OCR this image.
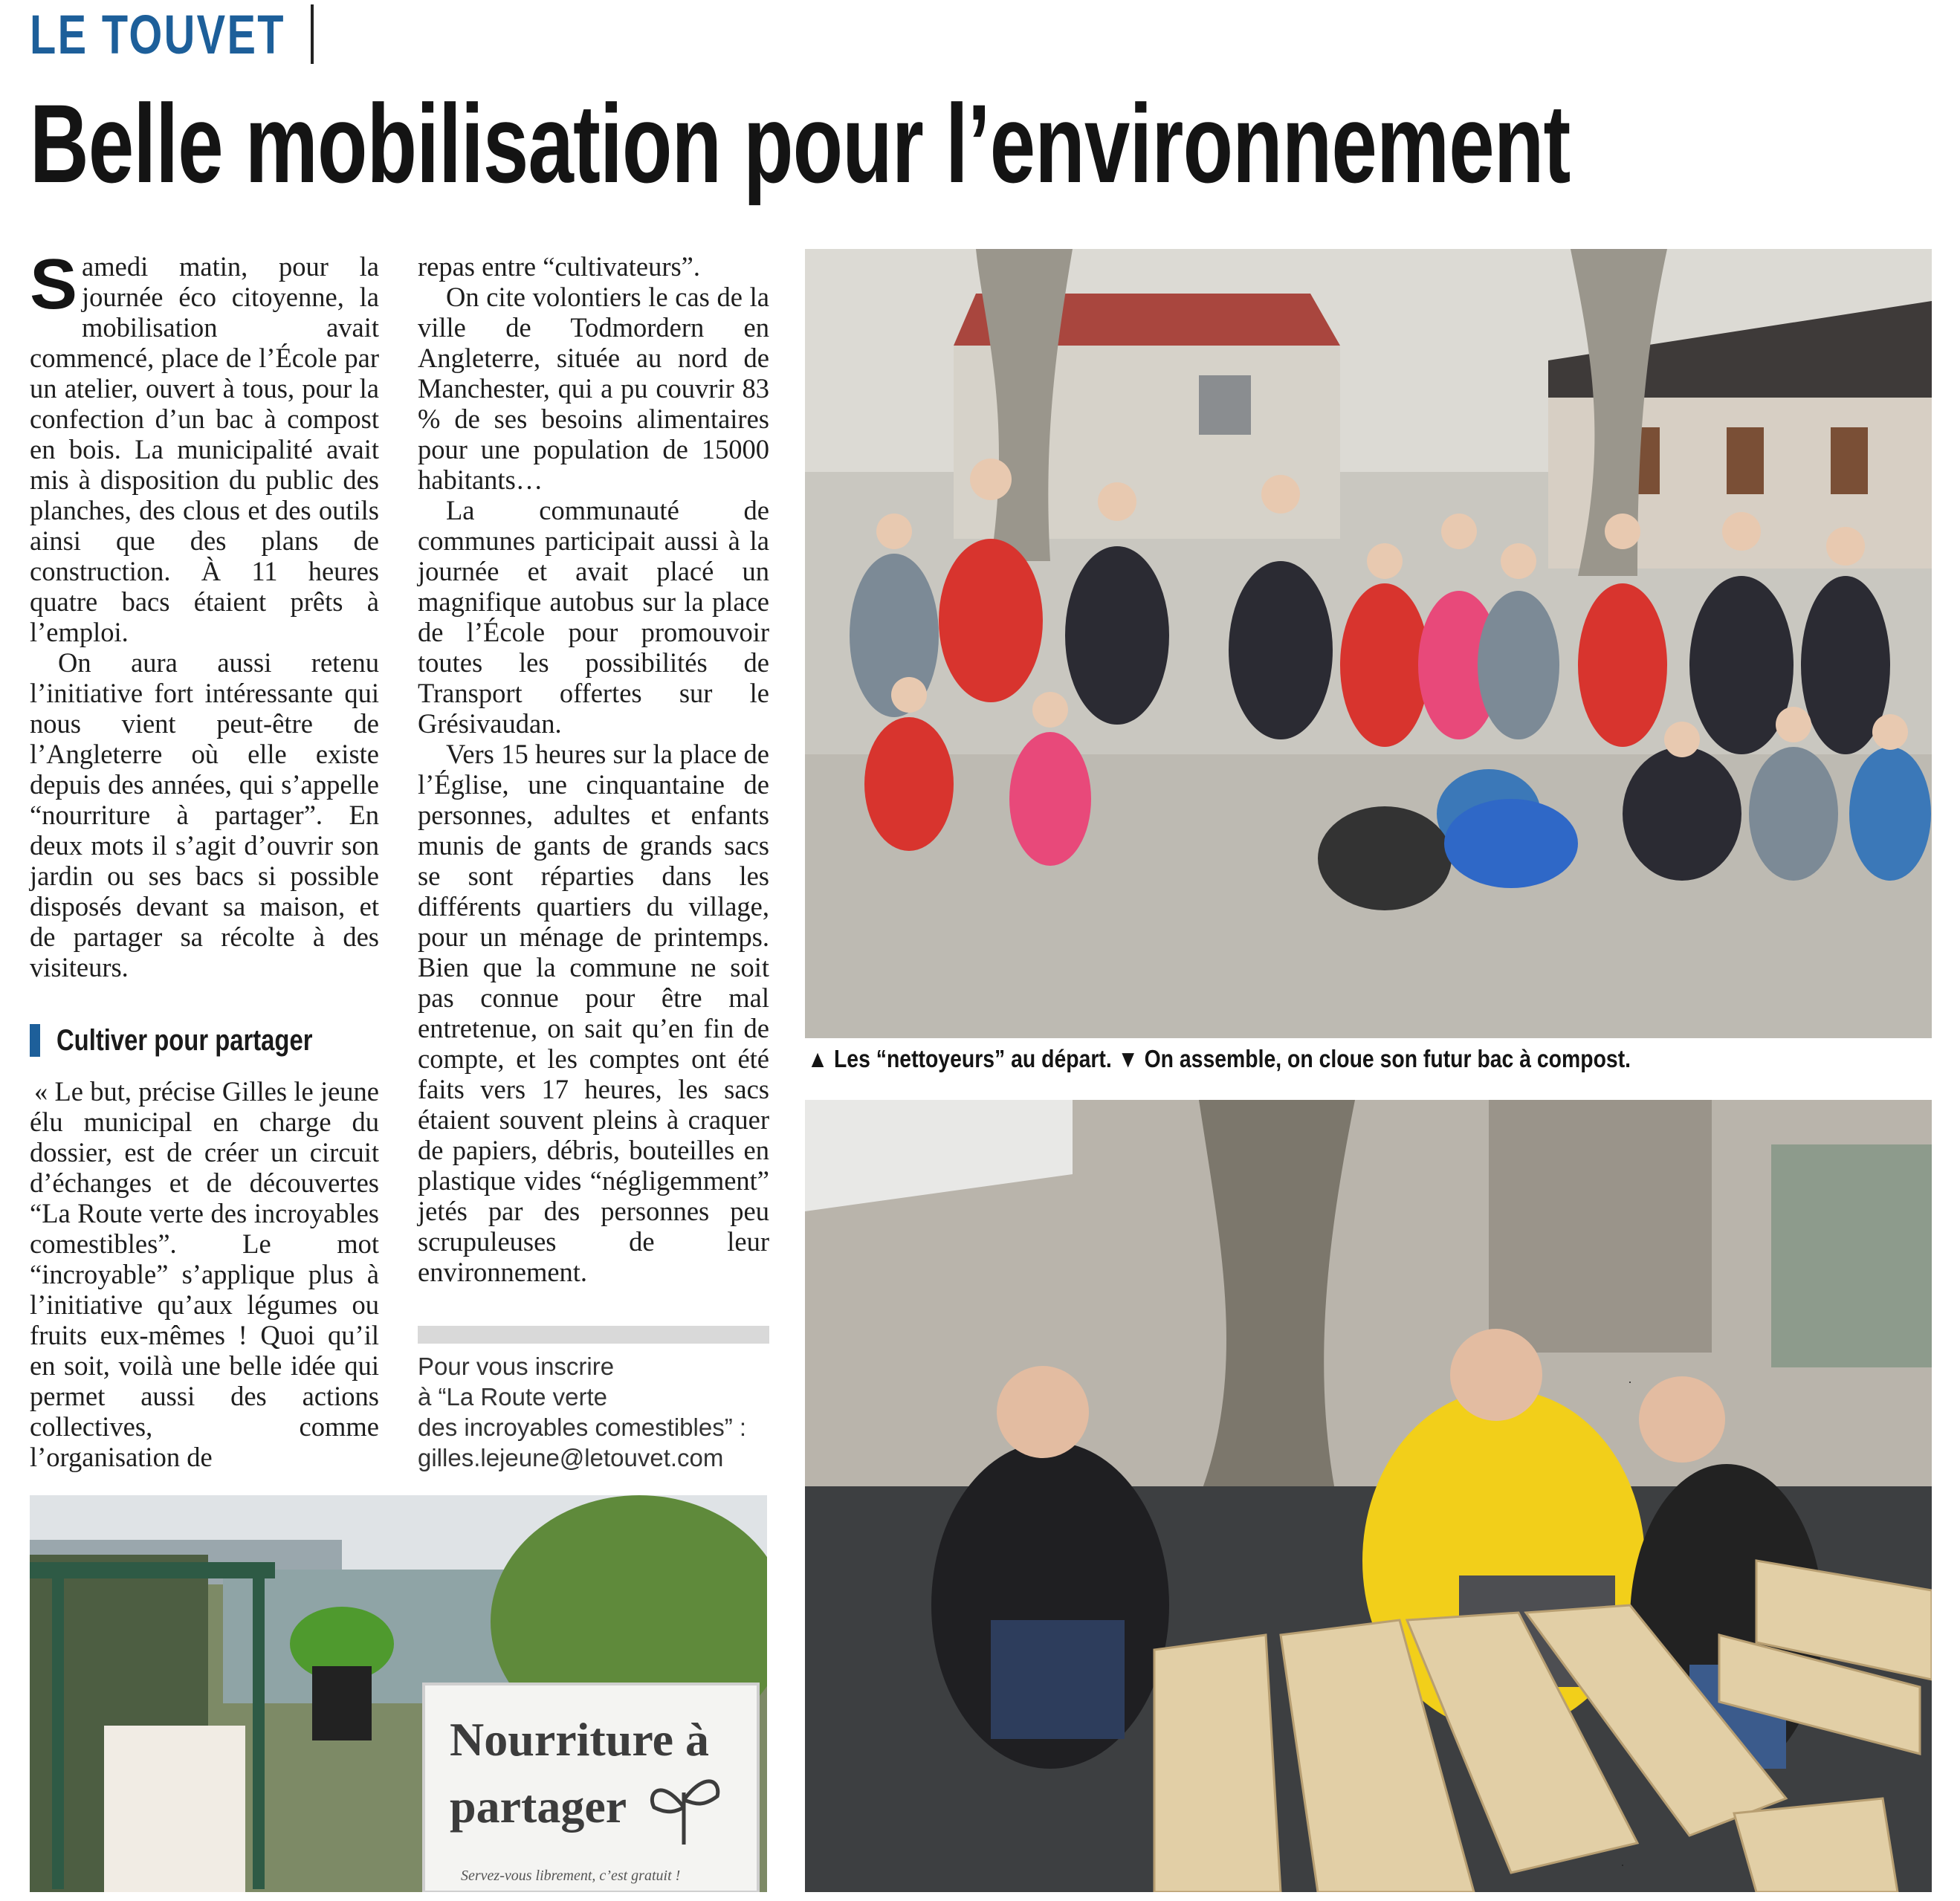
LE TOUVET
Belle mobilisation pour l’environnement

Samedi matin, pour la journée éco citoyenne, la mobilisation avait commencé, place de l’École par un atelier, ouvert à tous, pour la confection d’un bac à compost en bois. La municipalité avait mis à disposition du public des planches, des clous et des outils ainsi que des plans de construction. À 11 heures quatre bacs étaient prêts à l’emploi.

On aura aussi retenu l’initiative fort intéressante qui nous vient peut-être de l’Angleterre où elle existe depuis des années, qui s’appelle “nourriture à partager”. En deux mots il s’agit d’ouvrir son jardin ou ses bacs si possible disposés devant sa maison, et de partager sa récolte à des visiteurs.

Cultiver pour partager

« Le but, précise Gilles le jeune élu municipal en charge du dossier, est de créer un circuit d’échanges et de découvertes “La Route verte des incroyables comestibles”. Le mot “incroyable” s’applique plus à l’initiative qu’aux légumes ou fruits eux-mêmes ! Quoi qu’il en soit, voilà une belle idée qui permet aussi des actions collectives, comme l’organisation de

repas entre “cultivateurs”.

On cite volontiers le cas de la ville de Todmordern en Angleterre, située au nord de Manchester, qui a pu couvrir 83 % de ses besoins alimentaires pour une population de 15000 habitants…

La communauté de communes participait aussi à la journée et avait placé un magnifique autobus sur la place de l’École pour promouvoir toutes les possibilités de Transport offertes sur le Grésivaudan.

Vers 15 heures sur la place de l’Église, une cinquantaine de personnes, adultes et enfants munis de gants de grands sacs se sont réparties dans les différents quartiers du village, pour un ménage de printemps. Bien que la commune ne soit pas connue pour être mal entretenue, on sait qu’en fin de compte, et les comptes ont été faits vers 17 heures, les sacs étaient souvent pleins à craquer de papiers, débris, bouteilles en plastique vides “négligemment” jetés par des personnes peu scrupuleuses de leur environnement.

Pour vous inscrire
à “La Route verte
des incroyables comestibles” :
gilles.lejeune@letouvet.com
▲ Les “nettoyeurs” au départ. ▼ On assemble, on cloue son futur bac à compost.
Nourriture à
partager
Servez-vous librement, c’est gratuit !
